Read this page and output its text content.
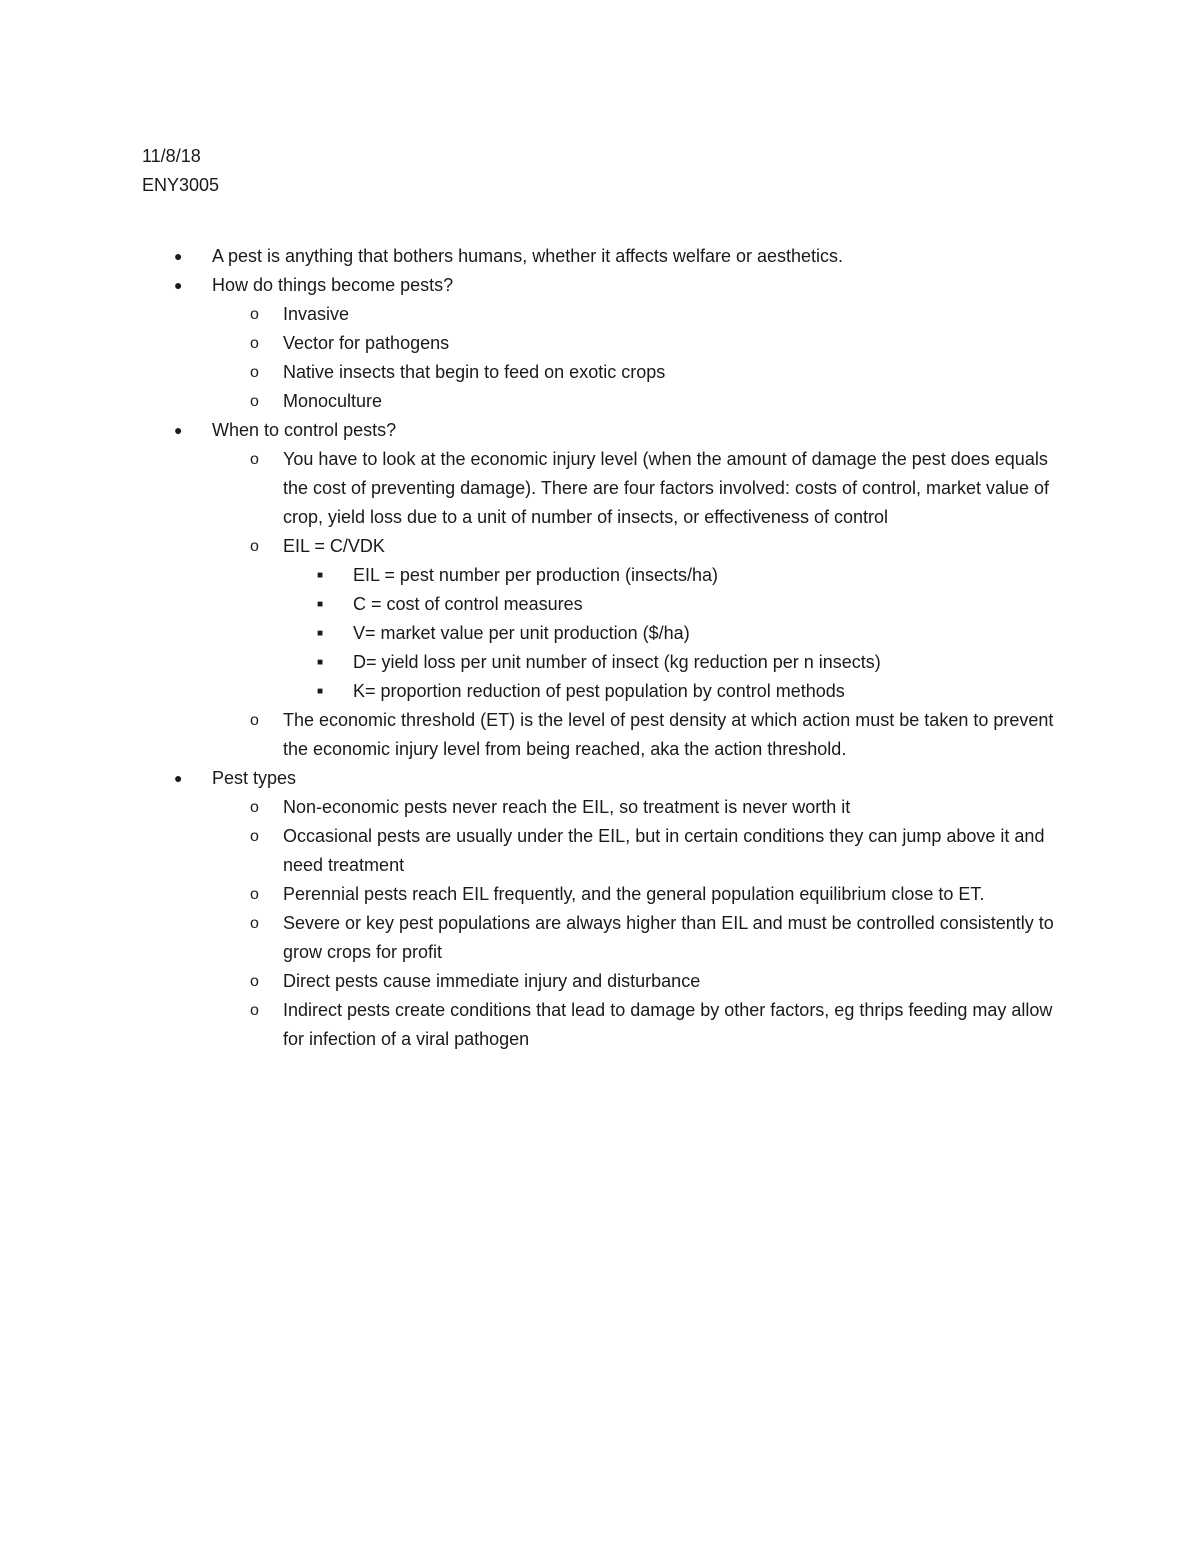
11/8/18

ENY3005

● A pest is anything that bothers humans, whether it affects welfare or aesthetics.
● How do things become pests?
o Invasive
o Vector for pathogens
o Native insects that begin to feed on exotic crops
o Monoculture
● When to control pests?
o You have to look at the economic injury level (when the amount of damage the pest does equals the cost of preventing damage). There are four factors involved: costs of control, market value of crop, yield loss due to a unit of number of insects, or effectiveness of control
o EIL = C/VDK
■ EIL = pest number per production (insects/ha)
■ C = cost of control measures
■ V= market value per unit production ($/ha)
■ D= yield loss per unit number of insect (kg reduction per n insects)
■ K= proportion reduction of pest population by control methods
o The economic threshold (ET) is the level of pest density at which action must be taken to prevent the economic injury level from being reached, aka the action threshold.
● Pest types
o Non-economic pests never reach the EIL, so treatment is never worth it
o Occasional pests are usually under the EIL, but in certain conditions they can jump above it and need treatment
o Perennial pests reach EIL frequently, and the general population equilibrium close to ET.
o Severe or key pest populations are always higher than EIL and must be controlled consistently to grow crops for profit
o Direct pests cause immediate injury and disturbance
o Indirect pests create conditions that lead to damage by other factors, eg thrips feeding may allow for infection of a viral pathogen
